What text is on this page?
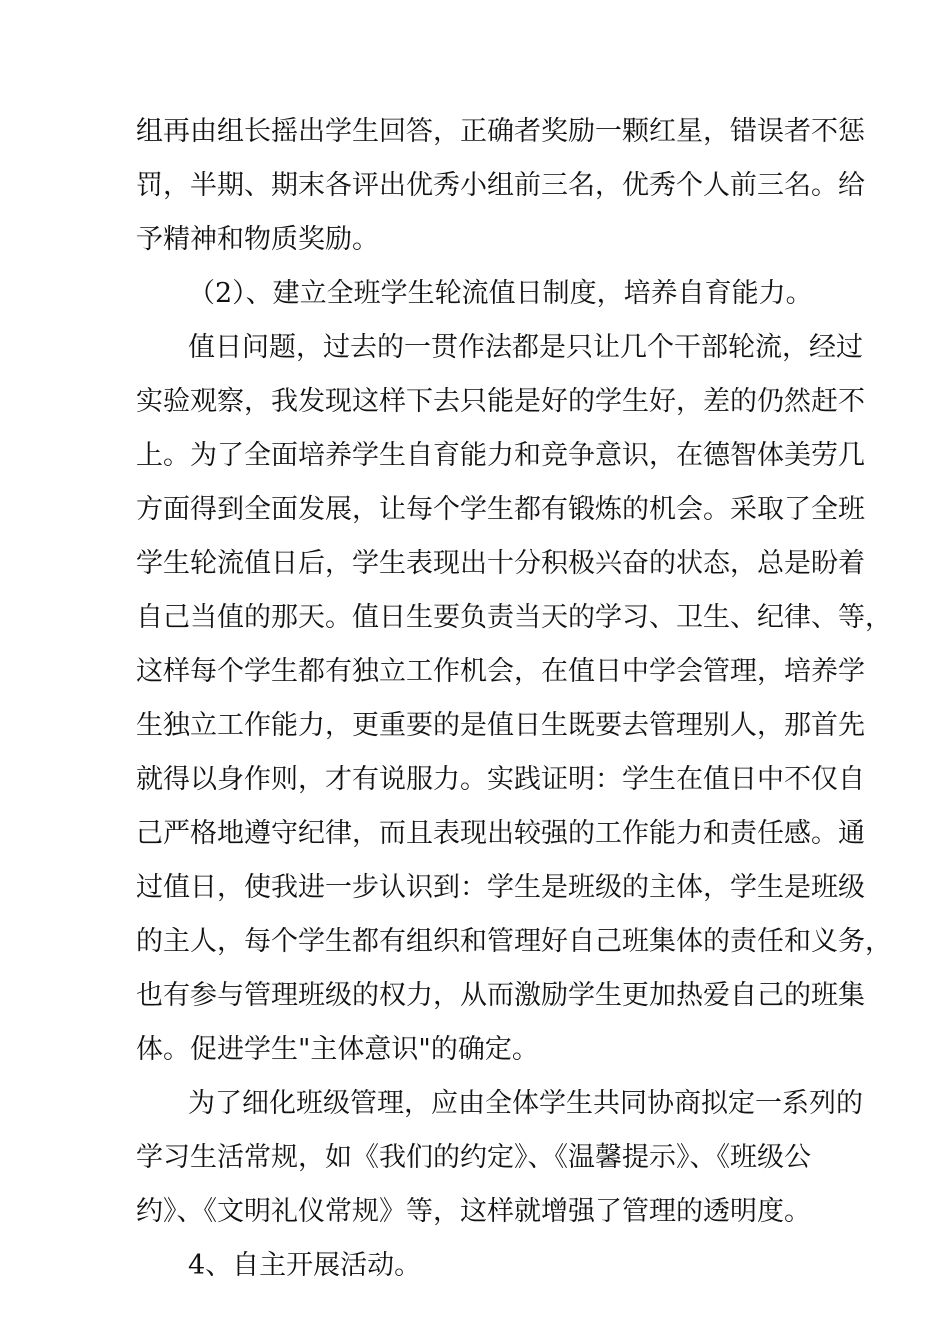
组再由组长摇出学生回答，正确者奖励一颗红星，错误者不惩
罚，半期、期末各评出优秀小组前三名，优秀个人前三名。给
予精神和物质奖励。
（2）、建立全班学生轮流值日制度，培养自育能力。
值日问题，过去的一贯作法都是只让几个干部轮流，经过
实验观察，我发现这样下去只能是好的学生好，差的仍然赶不
上。为了全面培养学生自育能力和竞争意识，在德智体美劳几
方面得到全面发展，让每个学生都有锻炼的机会。采取了全班
学生轮流值日后，学生表现出十分积极兴奋的状态，总是盼着
自己当值的那天。值日生要负责当天的学习、卫生、纪律、等，
这样每个学生都有独立工作机会，在值日中学会管理，培养学
生独立工作能力，更重要的是值日生既要去管理别人，那首先
就得以身作则，才有说服力。实践证明：学生在值日中不仅自
己严格地遵守纪律，而且表现出较强的工作能力和责任感。通
过值日，使我进一步认识到：学生是班级的主体，学生是班级
的主人，每个学生都有组织和管理好自己班集体的责任和义务，
也有参与管理班级的权力，从而激励学生更加热爱自己的班集
体。促进学生"主体意识"的确定。
为了细化班级管理，应由全体学生共同协商拟定一系列的
学习生活常规，如《我们的约定》、《温馨提示》、《班级公
约》、《文明礼仪常规》等，这样就增强了管理的透明度。
4、自主开展活动。
